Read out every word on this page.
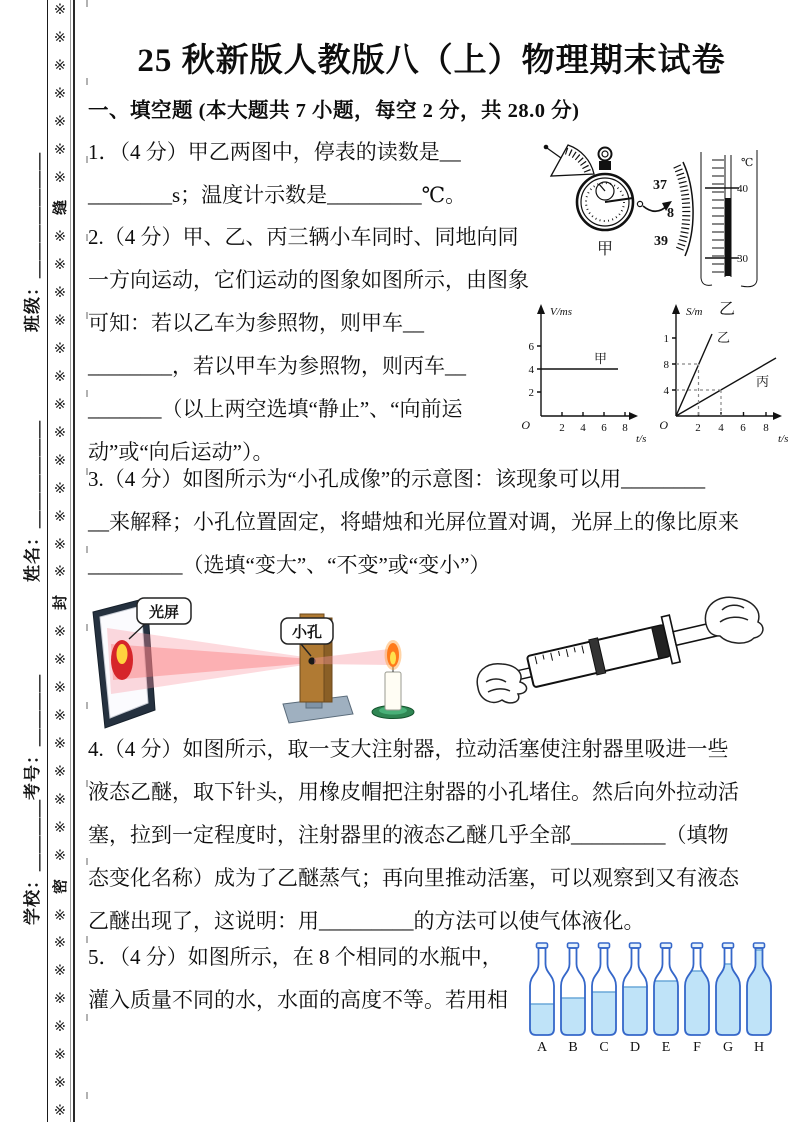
班级：＿＿＿＿＿＿＿
姓名：＿＿＿＿＿＿
考号：＿＿＿＿
学校：＿＿＿＿
※
※
※
※
※
※
※
缝
※
※
※
※
※
※
※
※
※
※
※
※
※
封
※
※
※
※
※
※
※
※
※
密
※
※
※
※
※
※
※
※
25 秋新版人教版八（上）物理期末试卷
一、填空题 (本大题共 7 小题，每空 2 分，共 28.0 分)
1．（4 分）甲乙两图中，停表的读数是__
________s；温度计示数是_________℃。	37
8
39
甲
℃
40
30
乙
2.（4 分）甲、乙、丙三辆小车同时、同地向同
一方向运动，它们运动的图象如图所示，由图象
可知：若以乙车为参照物，则甲车__
________，若以甲车为参照物，则丙车__
_______（以上两空选填“静止”、“向前运
动”或“向后运动”）。
V/ms
6
4
2
2 4 6 8
甲
O
t/s
S/m
1
8
4
2 4 6 8
乙
丙
O
t/s
3.（4 分）如图所示为“小孔成像”的示意图：该现象可以用________
__来解释；小孔位置固定，将蜡烛和光屏位置对调，光屏上的像比原来
_________（选填“变大”、“不变”或“变小”）
光屏
小孔
4.（4 分）如图所示，取一支大注射器，拉动活塞使注射器里吸进一些
液态乙醚，取下针头，用橡皮帽把注射器的小孔堵住。然后向外拉动活
塞，拉到一定程度时，注射器里的液态乙醚几乎全部_________（填物
态变化名称）成为了乙醚蒸气；再向里推动活塞，可以观察到又有液态
乙醚出现了，这说明：用_________的方法可以使气体液化。
5．（4 分）如图所示，在 8 个相同的水瓶中，
灌入质量不同的水，水面的高度不等。若用相
A B C D E F G H
